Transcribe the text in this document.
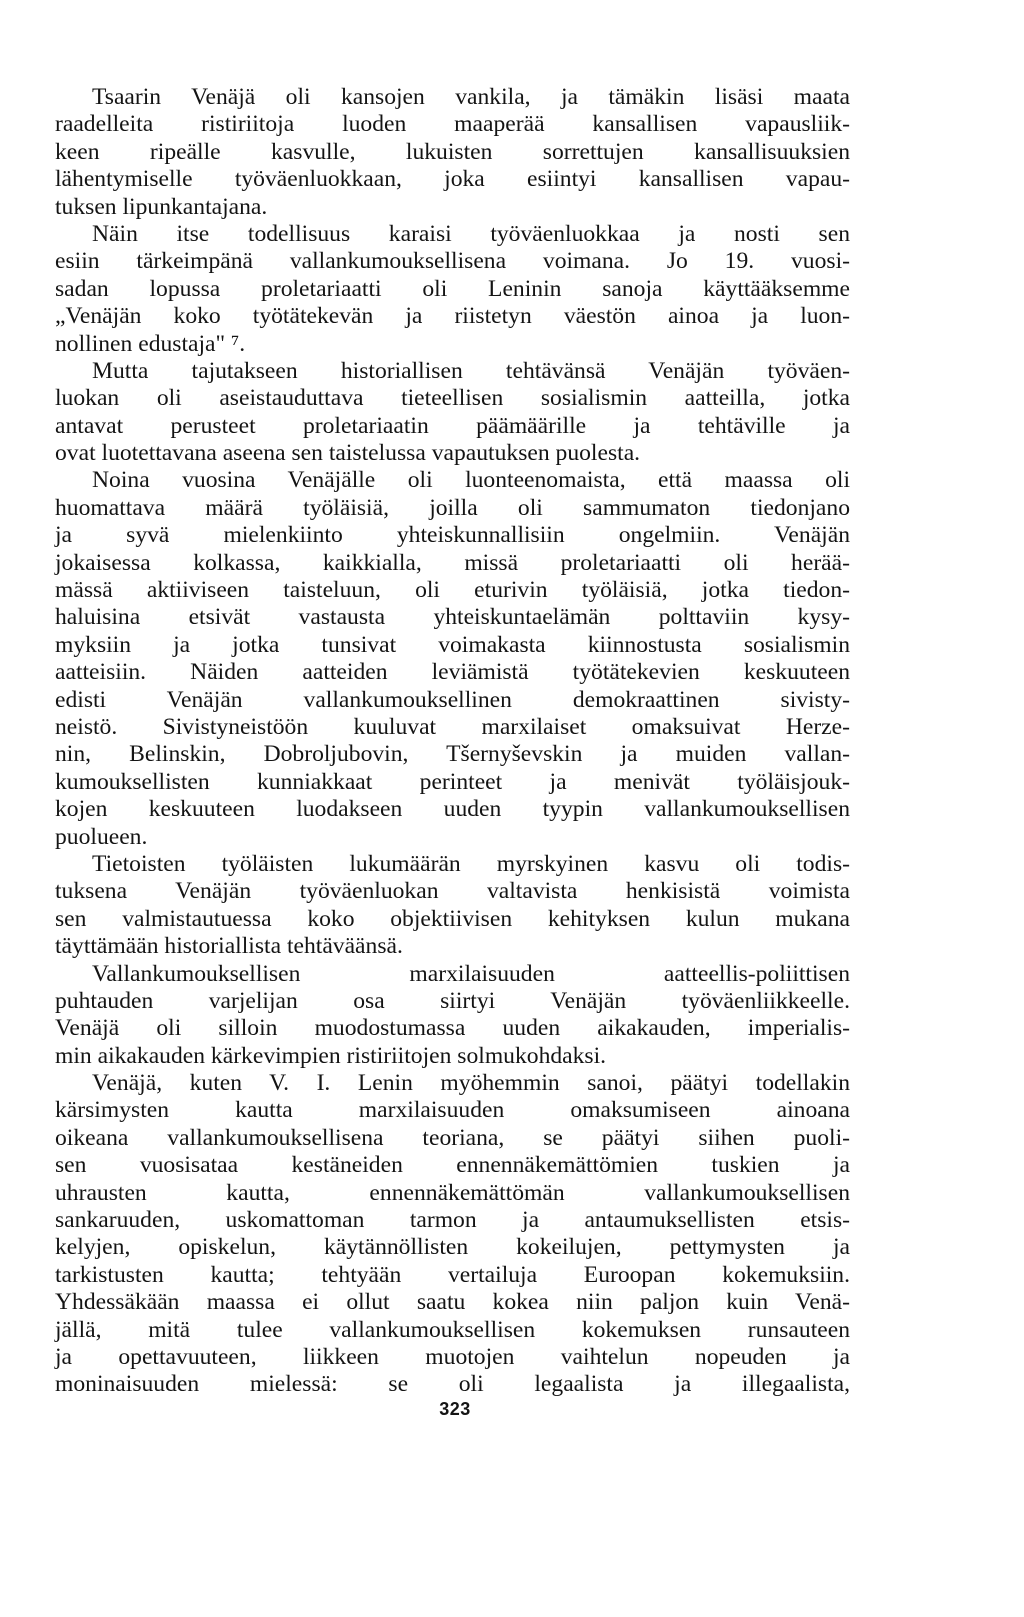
Tsaarin Venäjä oli kansojen vankila, ja tämäkin lisäsi maata
raadelleita ristiriitoja luoden maaperää kansallisen vapausliik-
keen ripeälle kasvulle, lukuisten sorrettujen kansallisuuksien
lähentymiselle työväenluokkaan, joka esiintyi kansallisen vapau-
tuksen lipunkantajana.
Näin itse todellisuus karaisi työväenluokkaa ja nosti sen
esiin tärkeimpänä vallankumouksellisena voimana. Jo 19. vuosi-
sadan lopussa proletariaatti oli Leninin sanoja käyttääksemme
„Venäjän koko työtätekevän ja riistetyn väestön ainoa ja luon-
nollinen edustaja" ⁷.
Mutta tajutakseen historiallisen tehtävänsä Venäjän työväen-
luokan oli aseistauduttava tieteellisen sosialismin aatteilla, jotka
antavat perusteet proletariaatin päämäärille ja tehtäville ja
ovat luotettavana aseena sen taistelussa vapautuksen puolesta.
Noina vuosina Venäjälle oli luonteenomaista, että maassa oli
huomattava määrä työläisiä, joilla oli sammumaton tiedonjano
ja syvä mielenkiinto yhteiskunnallisiin ongelmiin. Venäjän
jokaisessa kolkassa, kaikkialla, missä proletariaatti oli herää-
mässä aktiiviseen taisteluun, oli eturivin työläisiä, jotka tiedon-
haluisina etsivät vastausta yhteiskuntaelämän polttaviin kysy-
myksiin ja jotka tunsivat voimakasta kiinnostusta sosialismin
aatteisiin. Näiden aatteiden leviämistä työtätekevien keskuuteen
edisti Venäjän vallankumouksellinen demokraattinen sivisty-
neistö. Sivistyneistöön kuuluvat marxilaiset omaksuivat Herze-
nin, Belinskin, Dobroljubovin, Tšernyševskin ja muiden vallan-
kumouksellisten kunniakkaat perinteet ja menivät työläisjouk-
kojen keskuuteen luodakseen uuden tyypin vallankumouksellisen
puolueen.
Tietoisten työläisten lukumäärän myrskyinen kasvu oli todis-
tuksena Venäjän työväenluokan valtavista henkisistä voimista
sen valmistautuessa koko objektiivisen kehityksen kulun mukana
täyttämään historiallista tehtäväänsä.
Vallankumouksellisen marxilaisuuden aatteellis-poliittisen
puhtauden varjelijan osa siirtyi Venäjän työväenliikkeelle.
Venäjä oli silloin muodostumassa uuden aikakauden, imperialis-
min aikakauden kärkevimpien ristiriitojen solmukohdaksi.
Venäjä, kuten V. I. Lenin myöhemmin sanoi, päätyi todellakin
kärsimysten kautta marxilaisuuden omaksumiseen ainoana
oikeana vallankumouksellisena teoriana, se päätyi siihen puoli-
sen vuosisataa kestäneiden ennennäkemättömien tuskien ja
uhrausten kautta, ennennäkemättömän vallankumouksellisen
sankaruuden, uskomattoman tarmon ja antaumuksellisten etsis-
kelyjen, opiskelun, käytännöllisten kokeilujen, pettymysten ja
tarkistusten kautta; tehtyään vertailuja Euroopan kokemuksiin.
Yhdessäkään maassa ei ollut saatu kokea niin paljon kuin Venä-
jällä, mitä tulee vallankumouksellisen kokemuksen runsauteen
ja opettavuuteen, liikkeen muotojen vaihtelun nopeuden ja
moninaisuuden mielessä: se oli legaalista ja illegaalista,
323
